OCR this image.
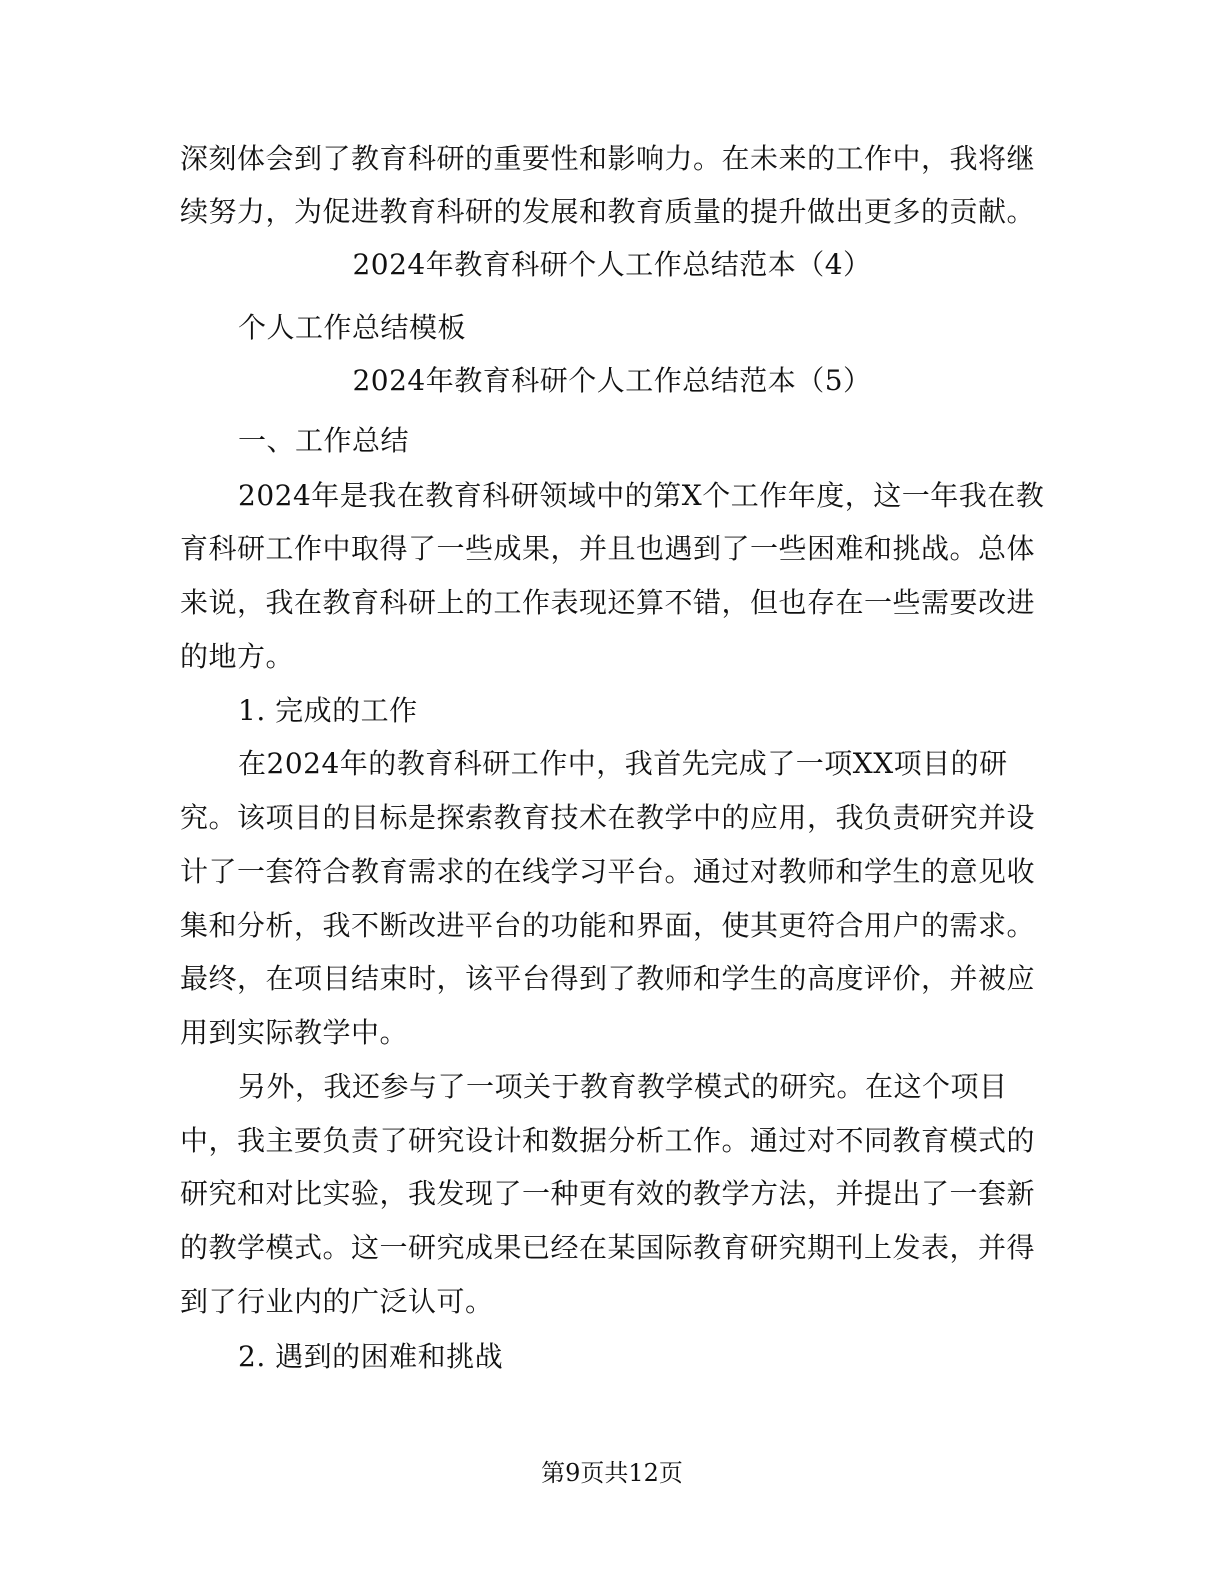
深刻体会到了教育科研的重要性和影响力。在未来的工作中，我将继
续努力，为促进教育科研的发展和教育质量的提升做出更多的贡献。
2024年教育科研个人工作总结范本（4）
个人工作总结模板
2024年教育科研个人工作总结范本（5）
一、工作总结
2024年是我在教育科研领域中的第X个工作年度，这一年我在教
育科研工作中取得了一些成果，并且也遇到了一些困难和挑战。总体
来说，我在教育科研上的工作表现还算不错，但也存在一些需要改进
的地方。
1. 完成的工作
在2024年的教育科研工作中，我首先完成了一项XX项目的研
究。该项目的目标是探索教育技术在教学中的应用，我负责研究并设
计了一套符合教育需求的在线学习平台。通过对教师和学生的意见收
集和分析，我不断改进平台的功能和界面，使其更符合用户的需求。
最终，在项目结束时，该平台得到了教师和学生的高度评价，并被应
用到实际教学中。
另外，我还参与了一项关于教育教学模式的研究。在这个项目
中，我主要负责了研究设计和数据分析工作。通过对不同教育模式的
研究和对比实验，我发现了一种更有效的教学方法，并提出了一套新
的教学模式。这一研究成果已经在某国际教育研究期刊上发表，并得
到了行业内的广泛认可。
2. 遇到的困难和挑战
第9页共12页
